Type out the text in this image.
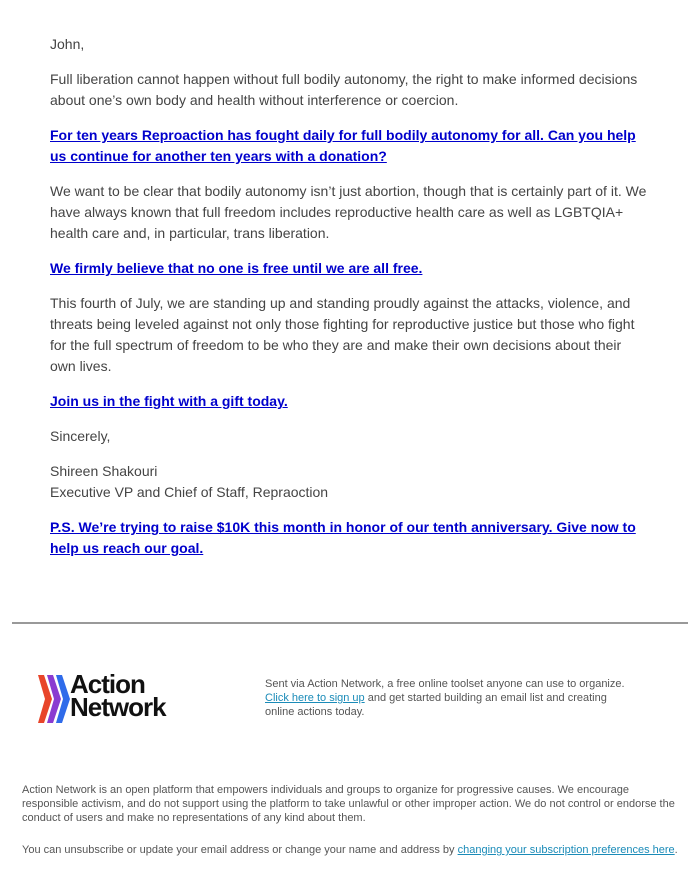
John,

Full liberation cannot happen without full bodily autonomy, the right to make informed decisions about one’s own body and health without interference or coercion.

For ten years Reproaction has fought daily for full bodily autonomy for all. Can you help us continue for another ten years with a donation?

We want to be clear that bodily autonomy isn’t just abortion, though that is certainly part of it. We have always known that full freedom includes reproductive health care as well as LGBTQIA+ health care and, in particular, trans liberation.

We firmly believe that no one is free until we are all free.

This fourth of July, we are standing up and standing proudly against the attacks, violence, and threats being leveled against not only those fighting for reproductive justice but those who fight for the full spectrum of freedom to be who they are and make their own decisions about their own lives.

Join us in the fight with a gift today.

Sincerely,

Shireen Shakouri
Executive VP and Chief of Staff, Repraoction

P.S. We’re trying to raise $10K this month in honor of our tenth anniversary. Give now to help us reach our goal.

Action
Network
Sent via Action Network, a free online toolset anyone can use to organize.
Click here to sign up and get started building an email list and creating online actions today.
Action Network is an open platform that empowers individuals and groups to organize for progressive causes. We encourage responsible activism, and do not support using the platform to take unlawful or other improper action. We do not control or endorse the conduct of users and make no representations of any kind about them.
You can unsubscribe or update your email address or change your name and address by changing your subscription preferences here.
